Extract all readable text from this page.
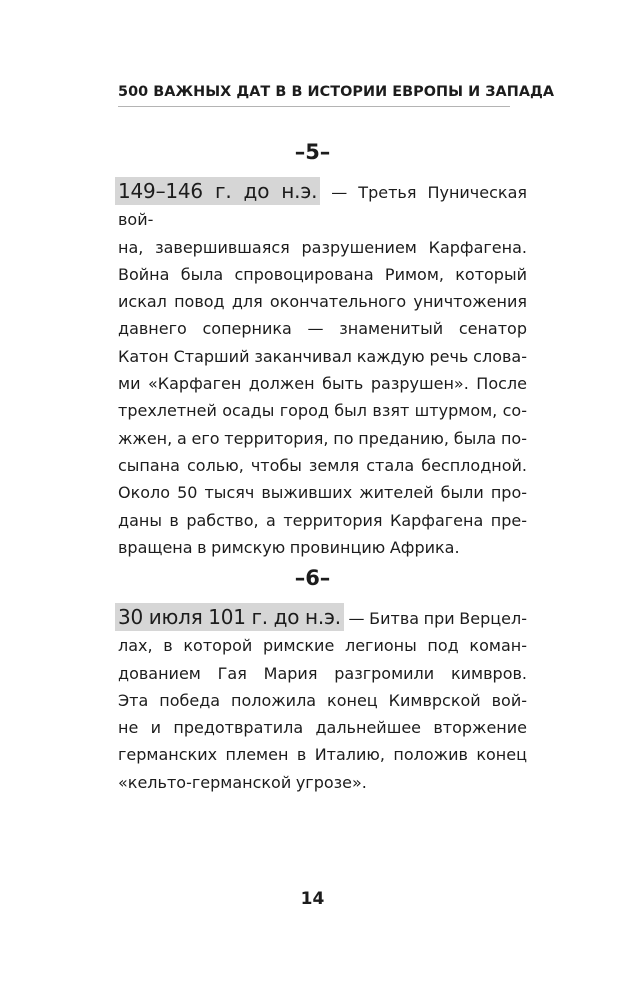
500 ВАЖНЫХ ДАТ В В ИСТОРИИ ЕВРОПЫ И ЗАПАДА
–5–

149–146 г. до н.э. — Третья Пуническая вой-
на, завершившаяся разрушением Карфагена.
Война была спровоцирована Римом, который
искал повод для окончательного уничтожения
давнего соперника — знаменитый сенатор
Катон Старший заканчивал каждую речь слова-
ми «Карфаген должен быть разрушен». После
трехлетней осады город был взят штурмом, со-
жжен, а его территория, по преданию, была по-
сыпана солью, чтобы земля стала бесплодной.
Около 50 тысяч выживших жителей были про-
даны в рабство, а территория Карфагена пре-
вращена в римскую провинцию Африка.

–6–

30 июля 101 г. до н.э. — Битва при Верцел-
лах, в которой римские легионы под коман-
дованием Гая Мария разгромили кимвров.
Эта победа положила конец Кимврской вой-
не и предотвратила дальнейшее вторжение
германских племен в Италию, положив конец
«кельто-германской угрозе».

14
